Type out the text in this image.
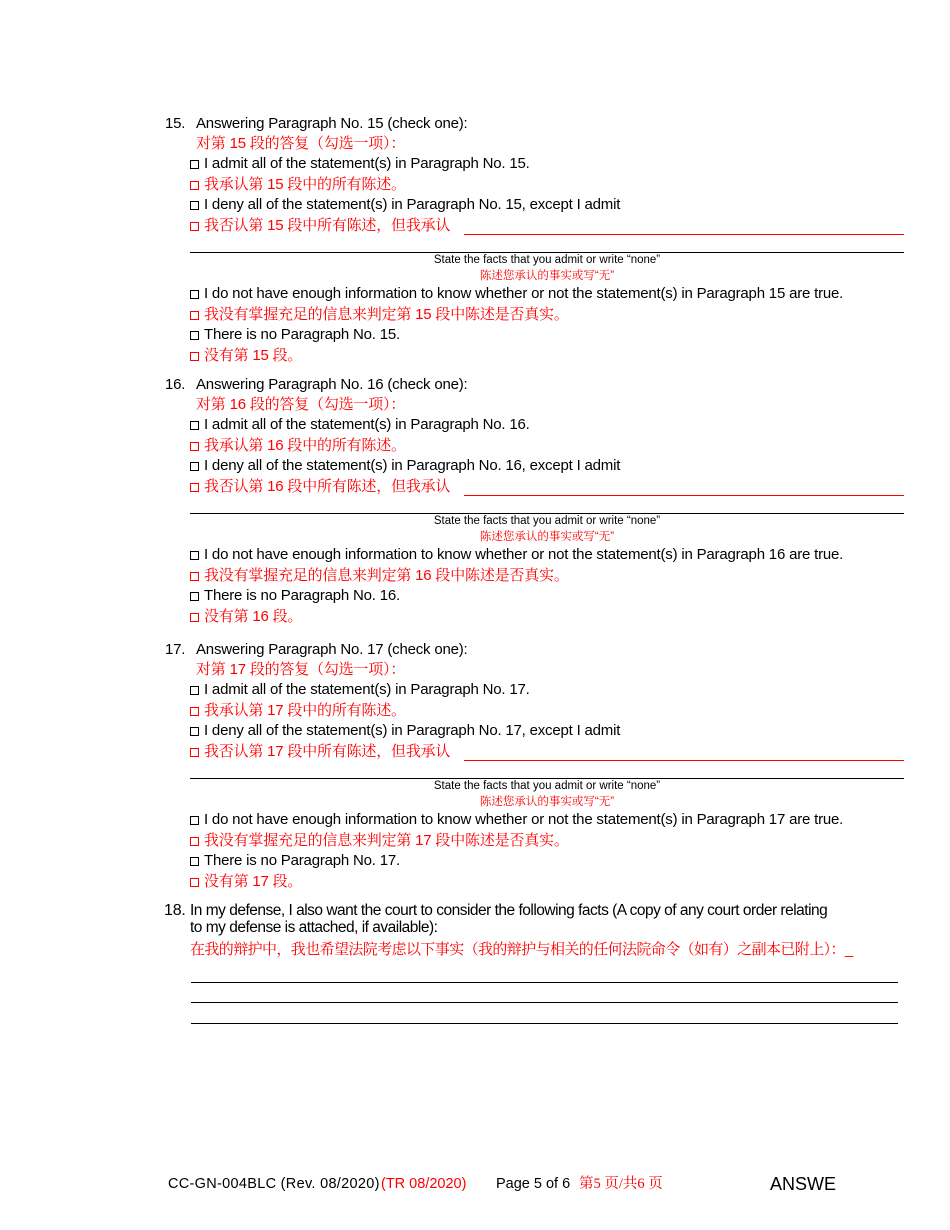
15. Answering Paragraph No. 15 (check one):
对第 15 段的答复（勾选一项）：
I admit all of the statement(s) in Paragraph No. 15.
我承认第 15 段中的所有陈述。
I deny all of the statement(s) in Paragraph No. 15, except I admit
我否认第 15 段中所有陈述，但我承认
State the facts that you admit or write “none”
陈述您承认的事实或写“无”
I do not have enough information to know whether or not the statement(s) in Paragraph 15 are true.
我没有掌握充足的信息来判定第 15 段中陈述是否真实。
There is no Paragraph No. 15.
没有第 15 段。
16. Answering Paragraph No. 16 (check one):
对第 16 段的答复（勾选一项）：
I admit all of the statement(s) in Paragraph No. 16.
我承认第 16 段中的所有陈述。
I deny all of the statement(s) in Paragraph No. 16, except I admit
我否认第 16 段中所有陈述，但我承认
State the facts that you admit or write “none”
陈述您承认的事实或写“无”
I do not have enough information to know whether or not the statement(s) in Paragraph 16 are true.
我没有掌握充足的信息来判定第 16 段中陈述是否真实。
There is no Paragraph No. 16.
没有第 16 段。
17. Answering Paragraph No. 17 (check one):
对第 17 段的答复（勾选一项）：
I admit all of the statement(s) in Paragraph No. 17.
我承认第 17 段中的所有陈述。
I deny all of the statement(s) in Paragraph No. 17, except I admit
我否认第 17 段中所有陈述，但我承认
State the facts that you admit or write “none”
陈述您承认的事实或写“无”
I do not have enough information to know whether or not the statement(s) in Paragraph 17 are true.
我没有掌握充足的信息来判定第 17 段中陈述是否真实。
There is no Paragraph No. 17.
没有第 17 段。
18. In my defense, I also want the court to consider the following facts (A copy of any court order relating
to my defense is attached, if available):
在我的辩护中，我也希望法院考虑以下事实（我的辩护与相关的任何法院命令（如有）之副本已附上）：_
CC-GN-004BLC (Rev. 08/2020) (TR 08/2020) Page 5 of 6 第5 页/共6 页	ANSWE
